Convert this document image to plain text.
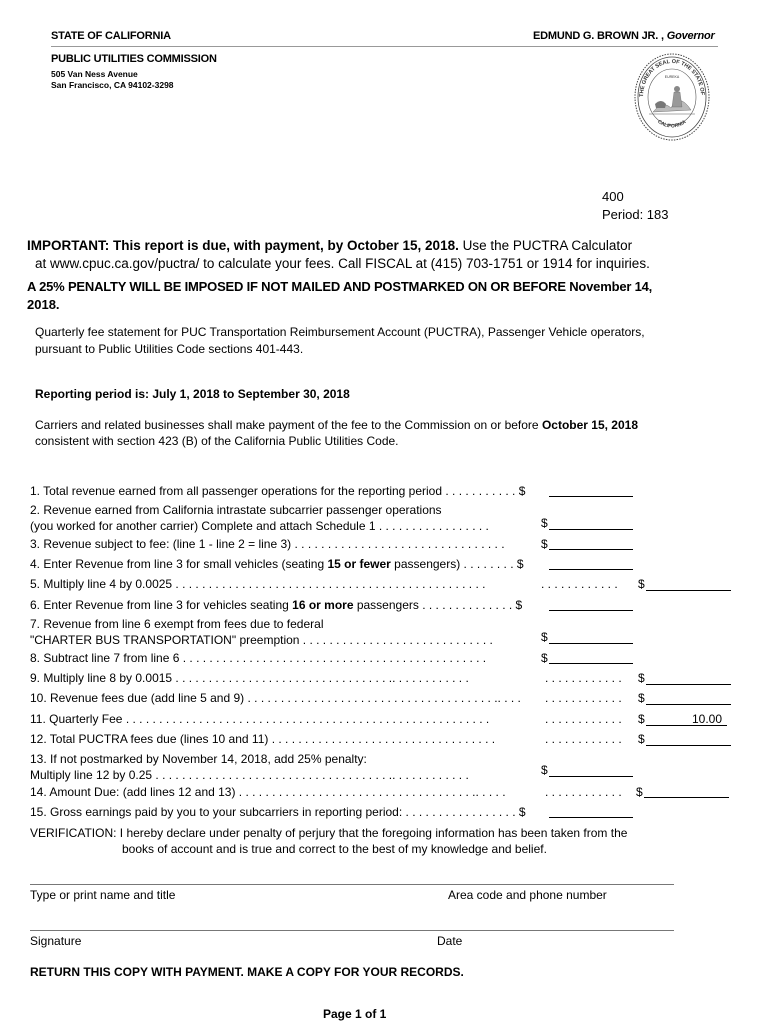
STATE OF CALIFORNIA	EDMUND G. BROWN JR. , Governor
PUBLIC UTILITIES COMMISSION
505 Van Ness Avenue
San Francisco, CA 94102-3298
THE GREAT SEAL OF THE STATE OF
CALIFORNIA
EUREKA
400
Period: 183
IMPORTANT: This report is due, with payment, by October 15, 2018. Use the PUCTRA Calculator
at www.cpuc.ca.gov/puctra/ to calculate your fees. Call FISCAL at (415) 703-1751 or 1914 for inquiries.
A 25% PENALTY WILL BE IMPOSED IF NOT MAILED AND POSTMARKED ON OR BEFORE November 14,
2018.
Quarterly fee statement for PUC Transportation Reimbursement Account (PUCTRA), Passenger Vehicle operators,
pursuant to Public Utilities Code sections 401-443.
Reporting period is: July 1, 2018 to September 30, 2018
Carriers and related businesses shall make payment of the fee to the Commission on or before October 15, 2018
consistent with section 423 (B) of the California Public Utilities Code.
1. Total revenue earned from all passenger operations for the reporting period . . . . . . . . . . . $
2. Revenue earned from California intrastate subcarrier passenger operations
(you worked for another carrier) Complete and attach Schedule 1 . . . . . . . . . . . . . . . . .	$
3. Revenue subject to fee: (line 1 - line 2 = line 3) . . . . . . . . . . . . . . . . . . . . . . . . . . . . . . . .	$
4. Enter Revenue from line 3 for small vehicles (seating 15 or fewer passengers) . . . . . . . . $
5. Multiply line 4 by 0.0025 . . . . . . . . . . . . . . . . . . . . . . . . . . . . . . . . . . . . . . . . . . . . . . .	. . . . . . . . . . . . $
6. Enter Revenue from line 3 for vehicles seating 16 or more passengers . . . . . . . . . . . . . . $
7. Revenue from line 6 exempt from fees due to federal
"CHARTER BUS TRANSPORTATION" preemption . . . . . . . . . . . . . . . . . . . . . . . . . . . . .	$
8. Subtract line 7 from line 6 . . . . . . . . . . . . . . . . . . . . . . . . . . . . . . . . . . . . . . . . . . . . . .	$
9. Multiply line 8 by 0.0015 . . . . . . . . . . . . . . . . . . . . . . . . . . . . . . . . .. . . . . . . . . . . .	. . . . . . . . . . . . $
10. Revenue fees due (add line 5 and 9) . . . . . . . . . . . . . . . . . . . . . . . . . . . . . . . . . . . . . .. . . . . . . . . . . . . . . . $
11. Quarterly Fee . . . . . . . . . . . . . . . . . . . . . . . . . . . . . . . . . . . . . . . . . . . . . . . . . . . . . . .	. . . . . . . . . . . . $	10.00
12. Total PUCTRA fees due (lines 10 and 11) . . . . . . . . . . . . . . . . . . . . . . . . . . . . . . . . . .	. . . . . . . . . . . . $
13. If not postmarked by November 14, 2018, add 25% penalty:
Multiply line 12 by 0.25 . . . . . . . . . . . . . . . . . . . . . . . . . . . . . . . . . . . .. . . . . . . . . . . .	$
14. Amount Due: (add lines 12 and 13) . . . . . . . . . . . . . . . . . . . . . . . . . . . . . . . . . . . .. . . . .	. . . . . . . . . . . . $
15. Gross earnings paid by you to your subcarriers in reporting period: . . . . . . . . . . . . . . . . . $
VERIFICATION: I hereby declare under penalty of perjury that the foregoing information has been taken from the
books of account and is true and correct to the best of my knowledge and belief.
Type or print name and title	Area code and phone number
Signature	Date
RETURN THIS COPY WITH PAYMENT. MAKE A COPY FOR YOUR RECORDS.
Page 1 of 1
